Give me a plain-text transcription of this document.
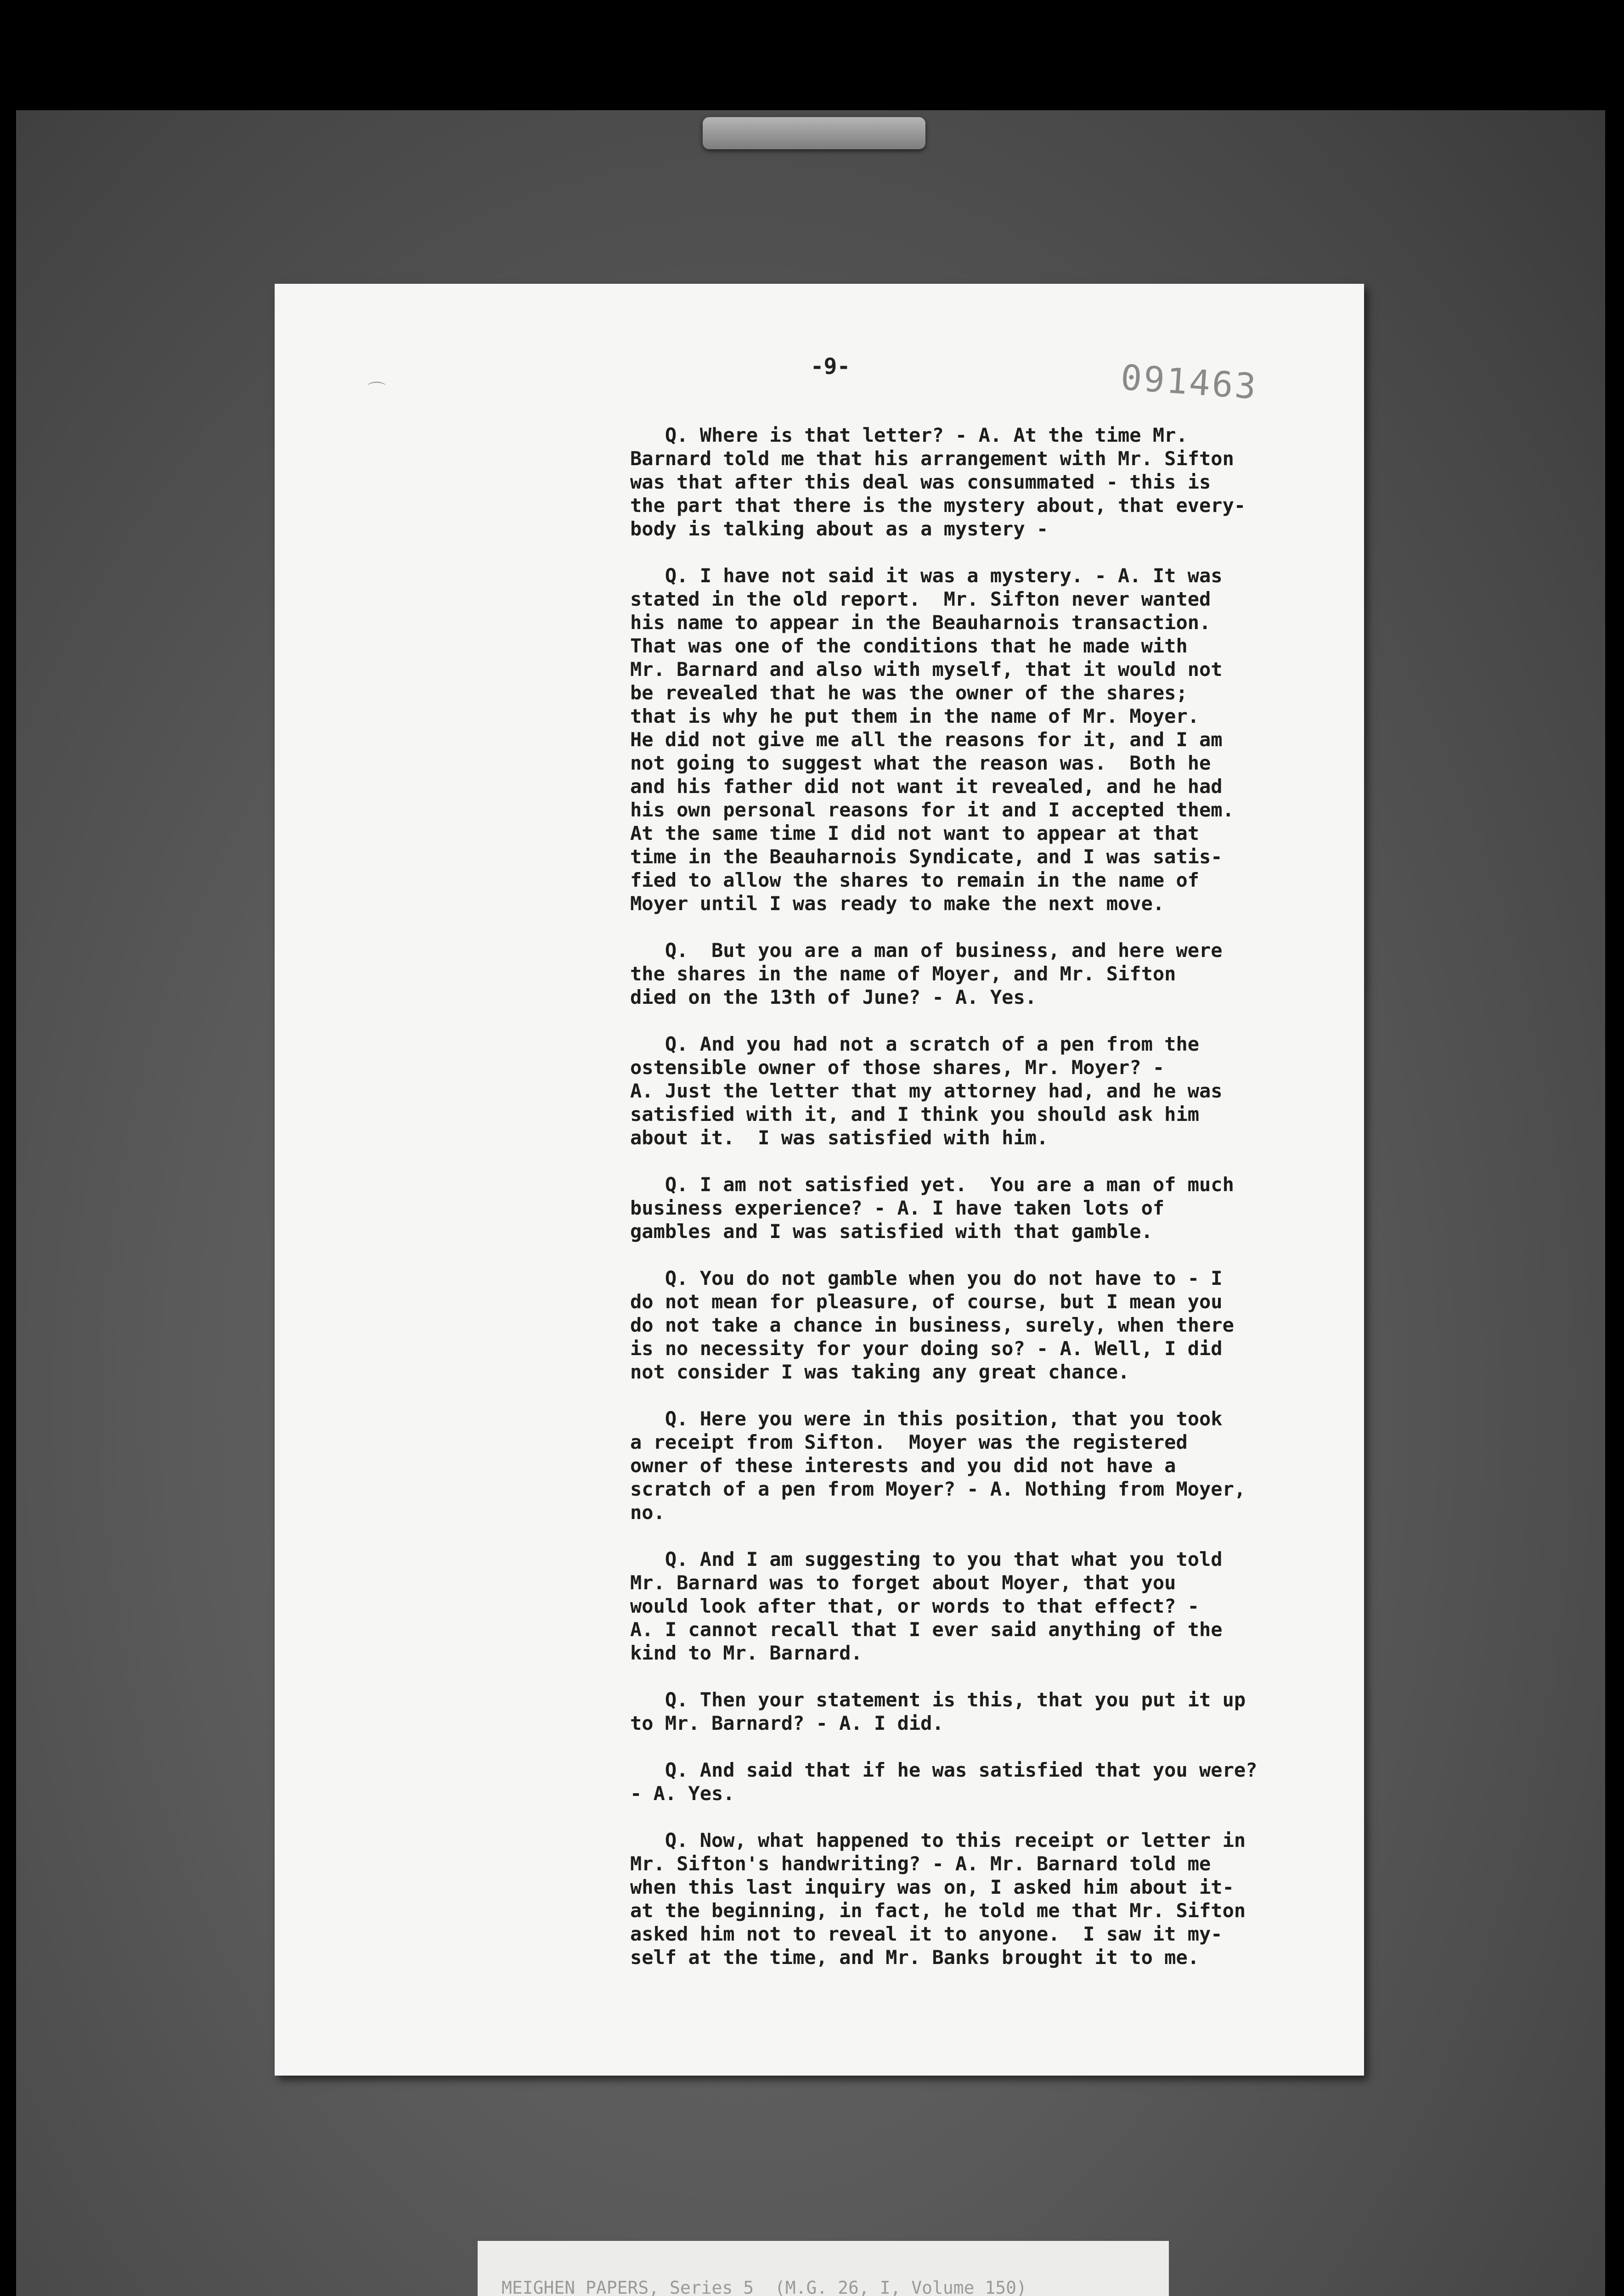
⌒
-9-	091463
Q. Where is that letter? - A. At the time Mr.
Barnard told me that his arrangement with Mr. Sifton
was that after this deal was consummated - this is
the part that there is the mystery about, that every-
body is talking about as a mystery -
Q. I have not said it was a mystery. - A. It was
stated in the old report.  Mr. Sifton never wanted
his name to appear in the Beauharnois transaction.
That was one of the conditions that he made with
Mr. Barnard and also with myself, that it would not
be revealed that he was the owner of the shares;
that is why he put them in the name of Mr. Moyer.
He did not give me all the reasons for it, and I am
not going to suggest what the reason was.  Both he
and his father did not want it revealed, and he had
his own personal reasons for it and I accepted them.
At the same time I did not want to appear at that
time in the Beauharnois Syndicate, and I was satis-
fied to allow the shares to remain in the name of
Moyer until I was ready to make the next move.
Q.  But you are a man of business, and here were
the shares in the name of Moyer, and Mr. Sifton
died on the 13th of June? - A. Yes.
Q. And you had not a scratch of a pen from the
ostensible owner of those shares, Mr. Moyer? -
A. Just the letter that my attorney had, and he was
satisfied with it, and I think you should ask him
about it.  I was satisfied with him.
Q. I am not satisfied yet.  You are a man of much
business experience? - A. I have taken lots of
gambles and I was satisfied with that gamble.
Q. You do not gamble when you do not have to - I
do not mean for pleasure, of course, but I mean you
do not take a chance in business, surely, when there
is no necessity for your doing so? - A. Well, I did
not consider I was taking any great chance.
Q. Here you were in this position, that you took
a receipt from Sifton.  Moyer was the registered
owner of these interests and you did not have a
scratch of a pen from Moyer? - A. Nothing from Moyer,
no.
Q. And I am suggesting to you that what you told
Mr. Barnard was to forget about Moyer, that you
would look after that, or words to that effect? -
A. I cannot recall that I ever said anything of the
kind to Mr. Barnard.
Q. Then your statement is this, that you put it up
to Mr. Barnard? - A. I did.
Q. And said that if he was satisfied that you were?
- A. Yes.
Q. Now, what happened to this receipt or letter in
Mr. Sifton's handwriting? - A. Mr. Barnard told me
when this last inquiry was on, I asked him about it-
at the beginning, in fact, he told me that Mr. Sifton
asked him not to reveal it to anyone.  I saw it my-
self at the time, and Mr. Banks brought it to me.
MEIGHEN PAPERS, Series 5  (M.G. 26, I, Volume 150)
